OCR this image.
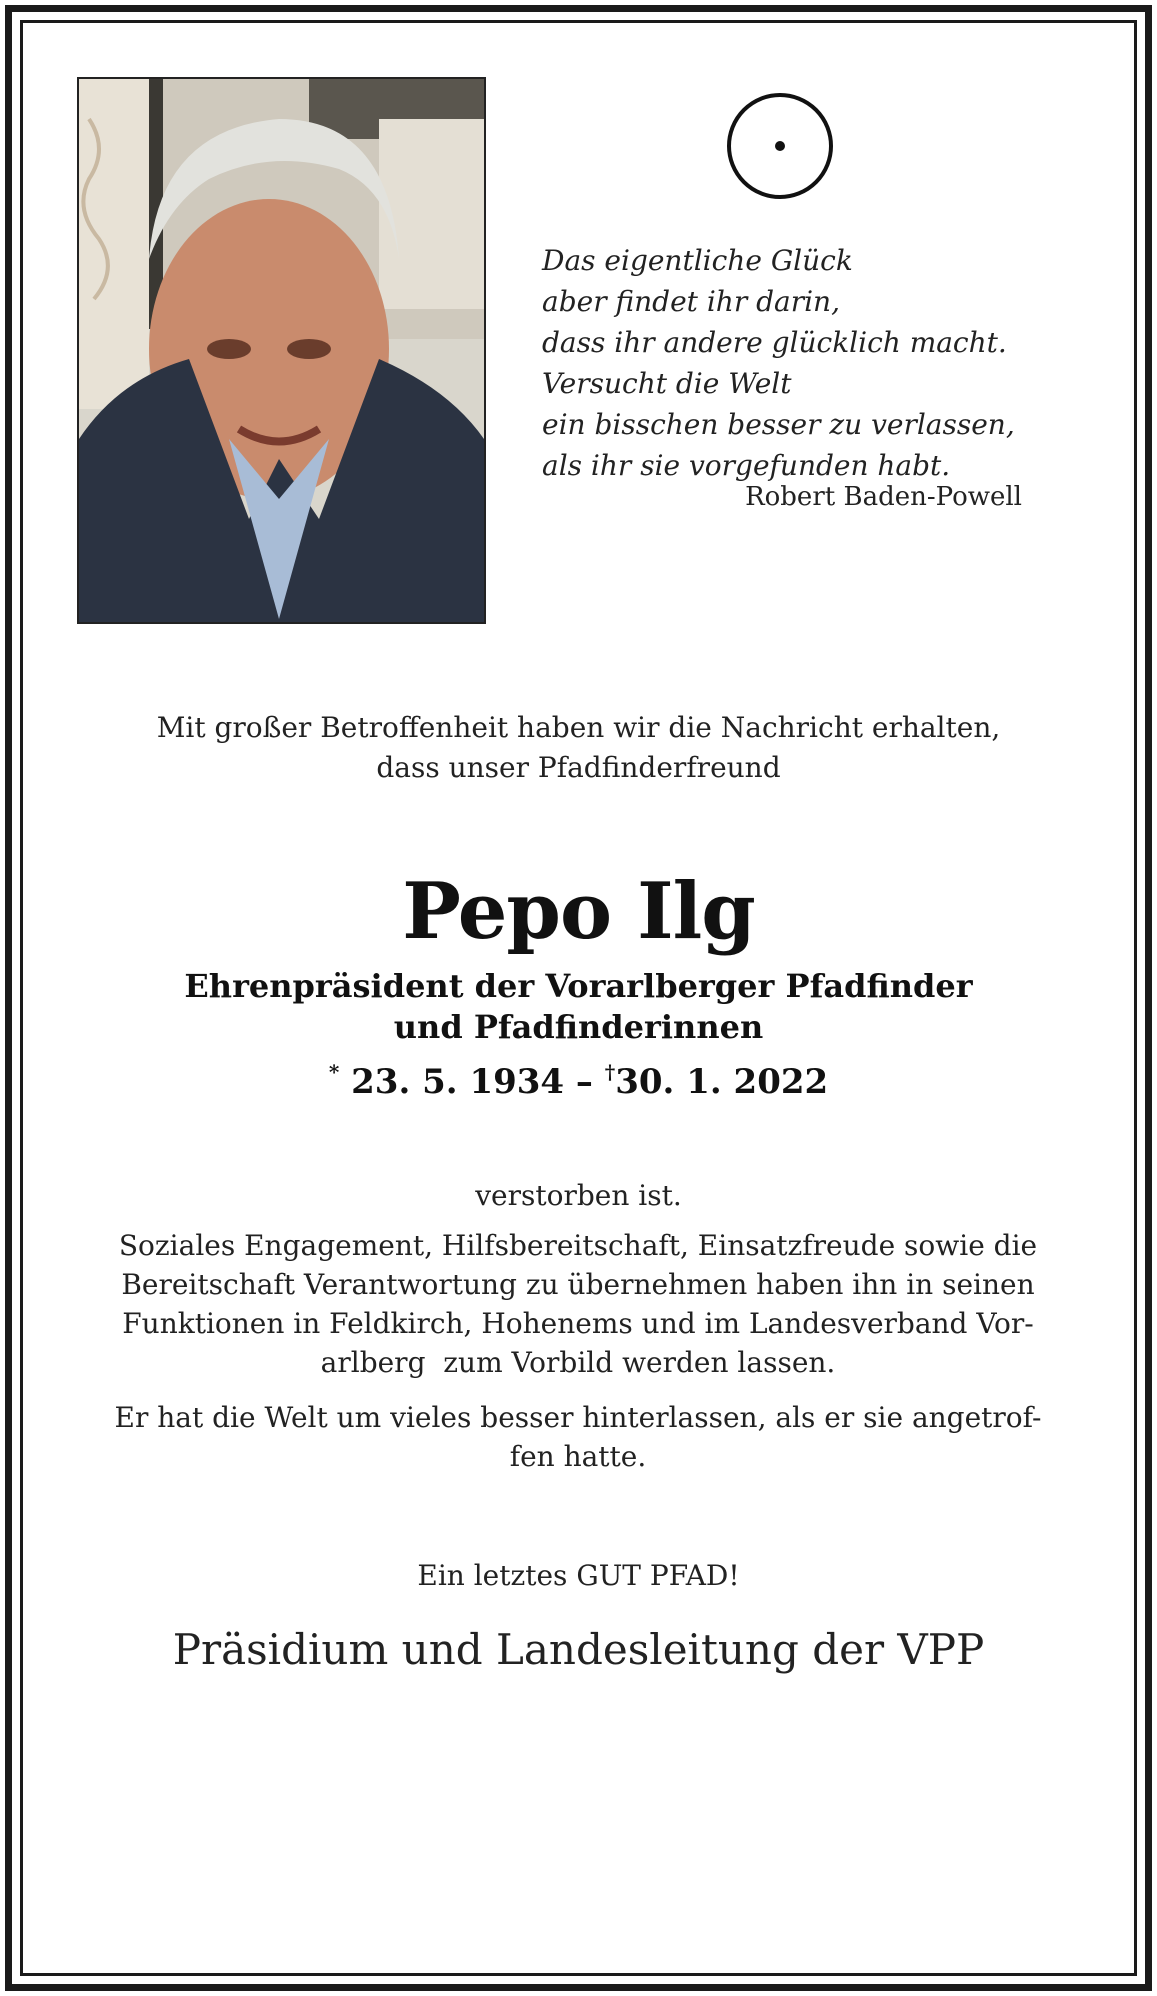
Das eigentliche Glück
aber findet ihr darin,
dass ihr andere glücklich macht.
Versucht die Welt
ein bisschen besser zu verlassen,
als ihr sie vorgefunden habt.
Robert Baden-Powell
Mit großer Betroffenheit haben wir die Nachricht erhalten,
dass unser Pfadfinderfreund
Pepo Ilg
Ehrenpräsident der Vorarlberger Pfadfinder
und Pfadfinderinnen
* 23. 5. 1934 – †30. 1. 2022
verstorben ist.
Soziales Engagement, Hilfsbereitschaft, Einsatzfreude sowie die
Bereitschaft Verantwortung zu übernehmen haben ihn in seinen
Funktionen in Feldkirch, Hohenems und im Landesverband Vor-
arlberg  zum Vorbild werden lassen.
Er hat die Welt um vieles besser hinterlassen, als er sie angetrof-
fen hatte.
Ein letztes GUT PFAD!
Präsidium und Landesleitung der VPP
